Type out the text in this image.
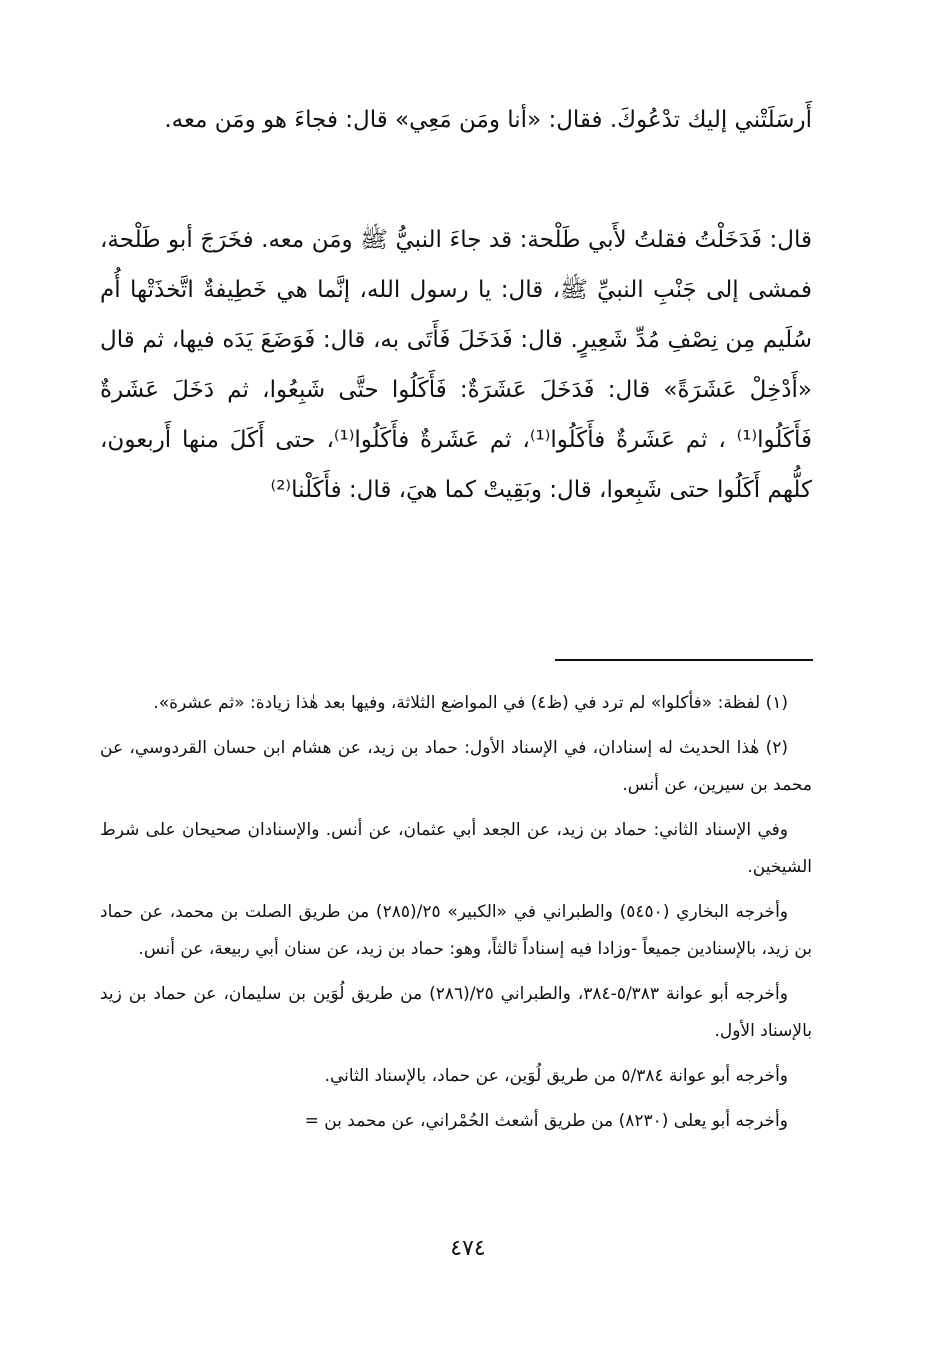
أَرسَلَتْني إليك تدْعُوكَ. فقال: «أنا ومَن مَعِي» قال: فجاءَ هو ومَن معه.

قال: فَدَخَلْتُ فقلتُ لأَبي طَلْحة: قد جاءَ النبيُّ ﷺ ومَن معه. فخَرَجَ أبو طَلْحة، فمشى إلى جَنْبِ النبيِّ ﷺ، قال: يا رسول الله، إنَّما هي خَطِيفةٌ اتَّخذَتْها أُم سُلَيم مِن نِصْفِ مُدِّ شَعِيرٍ. قال: فَدَخَلَ فَأَتَى به، قال: فَوَضَعَ يَدَه فيها، ثم قال «أَدْخِلْ عَشَرَةً» قال: فَدَخَلَ عَشَرَةٌ: فَأَكَلُوا حتَّى شَبِعُوا، ثم دَخَلَ عَشَرةٌ فَأَكَلُوا⁽¹⁾ ، ثم عَشَرةٌ فأَكَلُوا⁽¹⁾، ثم عَشَرةٌ فأَكَلُوا⁽¹⁾، حتى أَكَلَ منها أَربعون، كلُّهم أَكَلُوا حتى شَبِعوا، قال: وبَقِيتْ كما هيَ، قال: فأَكَلْنا⁽²⁾

(١) لفظة: «فأكلوا» لم ترد في (ظ٤) في المواضع الثلاثة، وفيها بعد هٰذا زيادة: «ثم عشرة».

(٢) هٰذا الحديث له إسنادان، في الإسناد الأول: حماد بن زيد، عن هشام ابن حسان القردوسي، عن محمد بن سيرين، عن أنس.

وفي الإسناد الثاني: حماد بن زيد، عن الجعد أبي عثمان، عن أنس. والإسنادان صحيحان على شرط الشيخين.

وأخرجه البخاري (٥٤٥٠) والطبراني في «الكبير» ٢٥/(٢٨٥) من طريق الصلت بن محمد، عن حماد بن زيد، بالإسنادين جميعاً -وزادا فيه إسناداً ثالثاً، وهو: حماد بن زيد، عن سنان أبي ربيعة، عن أنس.

وأخرجه أبو عوانة ٥/٣٨٣-٣٨٤، والطبراني ٢٥/(٢٨٦) من طريق لُوَين بن سليمان، عن حماد بن زيد بالإسناد الأول.

وأخرجه أبو عوانة ٥/٣٨٤ من طريق لُوَين، عن حماد، بالإسناد الثاني.

وأخرجه أبو يعلى (٨٢٣٠) من طريق أشعث الحُمْراني، عن محمد بن =

٤٧٤
